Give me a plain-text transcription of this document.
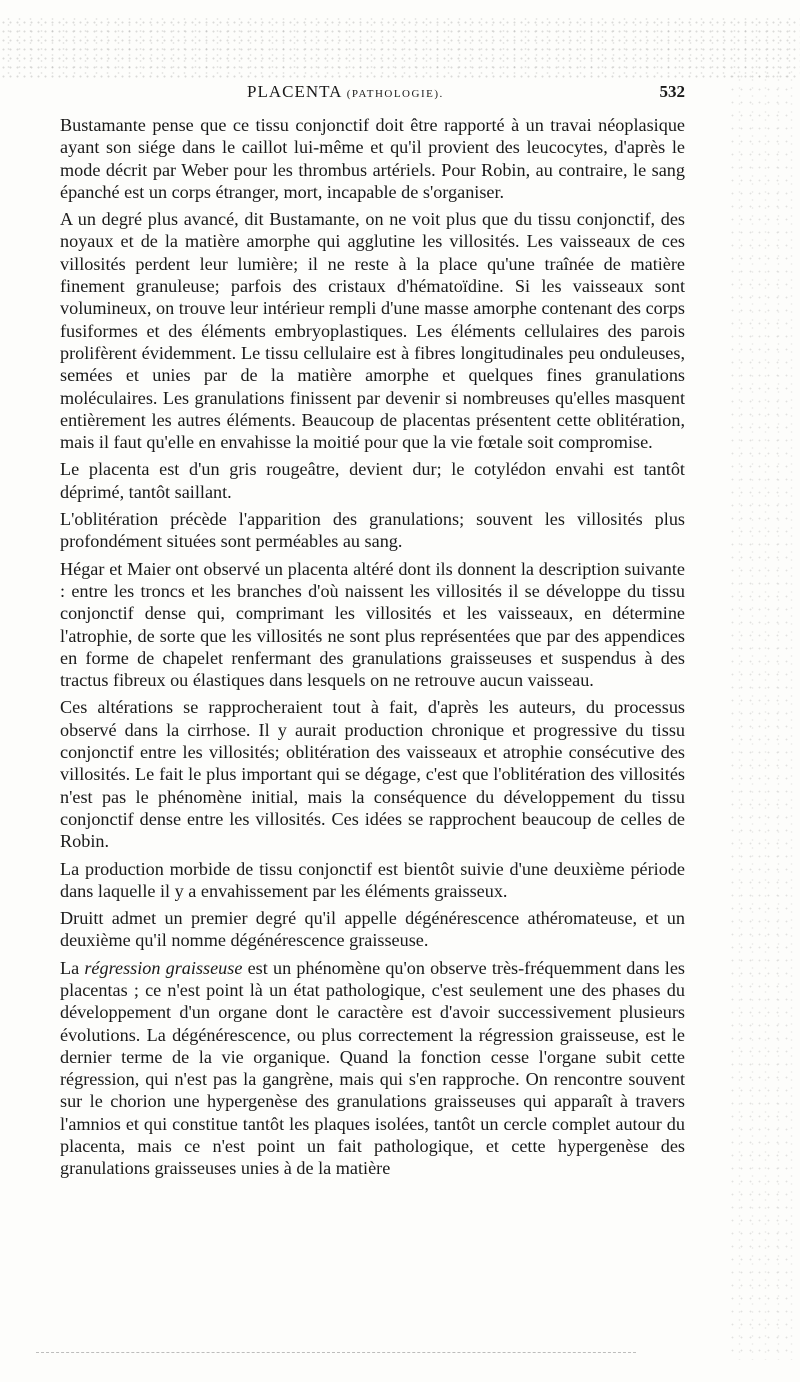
PLACENTA (PATHOLOGIE).	532

Bustamante pense que ce tissu conjonctif doit être rapporté à un travai néoplasique ayant son siége dans le caillot lui-même et qu'il provient des leucocytes, d'après le mode décrit par Weber pour les thrombus artériels. Pour Robin, au contraire, le sang épanché est un corps étranger, mort, incapable de s'organiser.

A un degré plus avancé, dit Bustamante, on ne voit plus que du tissu conjonctif, des noyaux et de la matière amorphe qui agglutine les villosités. Les vaisseaux de ces villosités perdent leur lumière; il ne reste à la place qu'une traînée de matière finement granuleuse; parfois des cristaux d'hématoïdine. Si les vaisseaux sont volumineux, on trouve leur intérieur rempli d'une masse amorphe contenant des corps fusiformes et des éléments embryoplastiques. Les éléments cellulaires des parois prolifèrent évidemment. Le tissu cellulaire est à fibres longitudinales peu onduleuses, semées et unies par de la matière amorphe et quelques fines granulations moléculaires. Les granulations finissent par devenir si nombreuses qu'elles masquent entièrement les autres éléments. Beaucoup de placentas présentent cette oblitération, mais il faut qu'elle en envahisse la moitié pour que la vie fœtale soit compromise.

Le placenta est d'un gris rougeâtre, devient dur; le cotylédon envahi est tantôt déprimé, tantôt saillant.

L'oblitération précède l'apparition des granulations; souvent les villosités plus profondément situées sont perméables au sang.

Hégar et Maier ont observé un placenta altéré dont ils donnent la description suivante : entre les troncs et les branches d'où naissent les villosités il se développe du tissu conjonctif dense qui, comprimant les villosités et les vaisseaux, en détermine l'atrophie, de sorte que les villosités ne sont plus représentées que par des appendices en forme de chapelet renfermant des granulations graisseuses et suspendus à des tractus fibreux ou élastiques dans lesquels on ne retrouve aucun vaisseau.

Ces altérations se rapprocheraient tout à fait, d'après les auteurs, du processus observé dans la cirrhose. Il y aurait production chronique et progressive du tissu conjonctif entre les villosités; oblitération des vaisseaux et atrophie consécutive des villosités. Le fait le plus important qui se dégage, c'est que l'oblitération des villosités n'est pas le phénomène initial, mais la conséquence du développement du tissu conjonctif dense entre les villosités. Ces idées se rapprochent beaucoup de celles de Robin.

La production morbide de tissu conjonctif est bientôt suivie d'une deuxième période dans laquelle il y a envahissement par les éléments graisseux.

Druitt admet un premier degré qu'il appelle dégénérescence athéromateuse, et un deuxième qu'il nomme dégénérescence graisseuse.

La régression graisseuse est un phénomène qu'on observe très-fréquemment dans les placentas ; ce n'est point là un état pathologique, c'est seulement une des phases du développement d'un organe dont le caractère est d'avoir successivement plusieurs évolutions. La dégénérescence, ou plus correctement la régression graisseuse, est le dernier terme de la vie organique. Quand la fonction cesse l'organe subit cette régression, qui n'est pas la gangrène, mais qui s'en rapproche. On rencontre souvent sur le chorion une hypergenèse des granulations graisseuses qui apparaît à travers l'amnios et qui constitue tantôt les plaques isolées, tantôt un cercle complet autour du placenta, mais ce n'est point un fait pathologique, et cette hypergenèse des granulations graisseuses unies à de la matière
